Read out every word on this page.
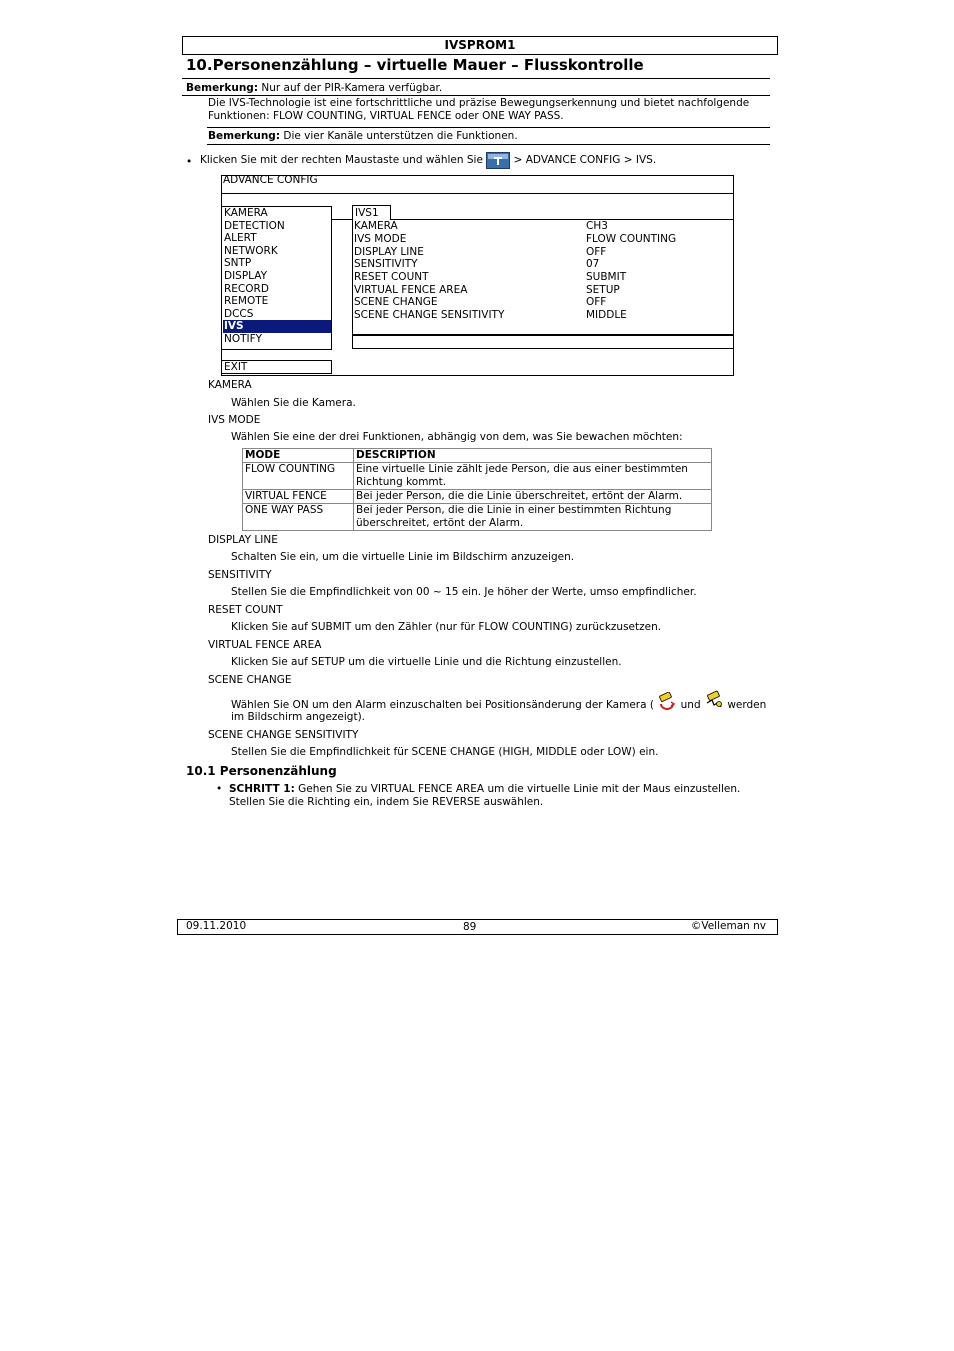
IVSPROM1
10.Personenzählung – virtuelle Mauer – Flusskontrolle
Bemerkung: Nur auf der PIR-Kamera verfügbar.
Die IVS-Technologie ist eine fortschrittliche und präzise Bewegungserkennung und bietet nachfolgende
Funktionen: FLOW COUNTING, VIRTUAL FENCE oder ONE WAY PASS.
Bemerkung: Die vier Kanäle unterstützen die Funktionen.
• Klicken Sie mit der rechten Maustaste und wählen Sie	> ADVANCE CONFIG > IVS.
ADVANCE CONFIG
KAMERA
DETECTION
ALERT
NETWORK
SNTP
DISPLAY
RECORD
REMOTE
DCCS
IVS
NOTIFY
EXIT
IVS1
KAMERA	CH3
IVS MODE	FLOW COUNTING
DISPLAY LINE	OFF
SENSITIVITY	07
RESET COUNT	SUBMIT
VIRTUAL FENCE AREA	SETUP
SCENE CHANGE	OFF
SCENE CHANGE SENSITIVITY	MIDDLE
KAMERA
Wählen Sie die Kamera.
IVS MODE
Wählen Sie eine der drei Funktionen, abhängig von dem, was Sie bewachen möchten:
MODE	DESCRIPTION
FLOW COUNTING	Eine virtuelle Linie zählt jede Person, die aus einer bestimmten Richtung kommt.
VIRTUAL FENCE	Bei jeder Person, die die Linie überschreitet, ertönt der Alarm.
ONE WAY PASS	Bei jeder Person, die die Linie in einer bestimmten Richtung überschreitet, ertönt der Alarm.
DISPLAY LINE
Schalten Sie ein, um die virtuelle Linie im Bildschirm anzuzeigen.
SENSITIVITY
Stellen Sie die Empfindlichkeit von 00 ~ 15 ein. Je höher der Werte, umso empfindlicher.
RESET COUNT
Klicken Sie auf SUBMIT um den Zähler (nur für FLOW COUNTING) zurückzusetzen.
VIRTUAL FENCE AREA
Klicken Sie auf SETUP um die virtuelle Linie und die Richtung einzustellen.
SCENE CHANGE
Wählen Sie ON um den Alarm einzuschalten bei Positionsänderung der Kamera (	und	werden
im Bildschirm angezeigt).
SCENE CHANGE SENSITIVITY
Stellen Sie die Empfindlichkeit für SCENE CHANGE (HIGH, MIDDLE oder LOW) ein.
10.1 Personenzählung
• SCHRITT 1: Gehen Sie zu VIRTUAL FENCE AREA um die virtuelle Linie mit der Maus einzustellen.
Stellen Sie die Richting ein, indem Sie REVERSE auswählen.
09.11.2010	89	©Velleman nv
